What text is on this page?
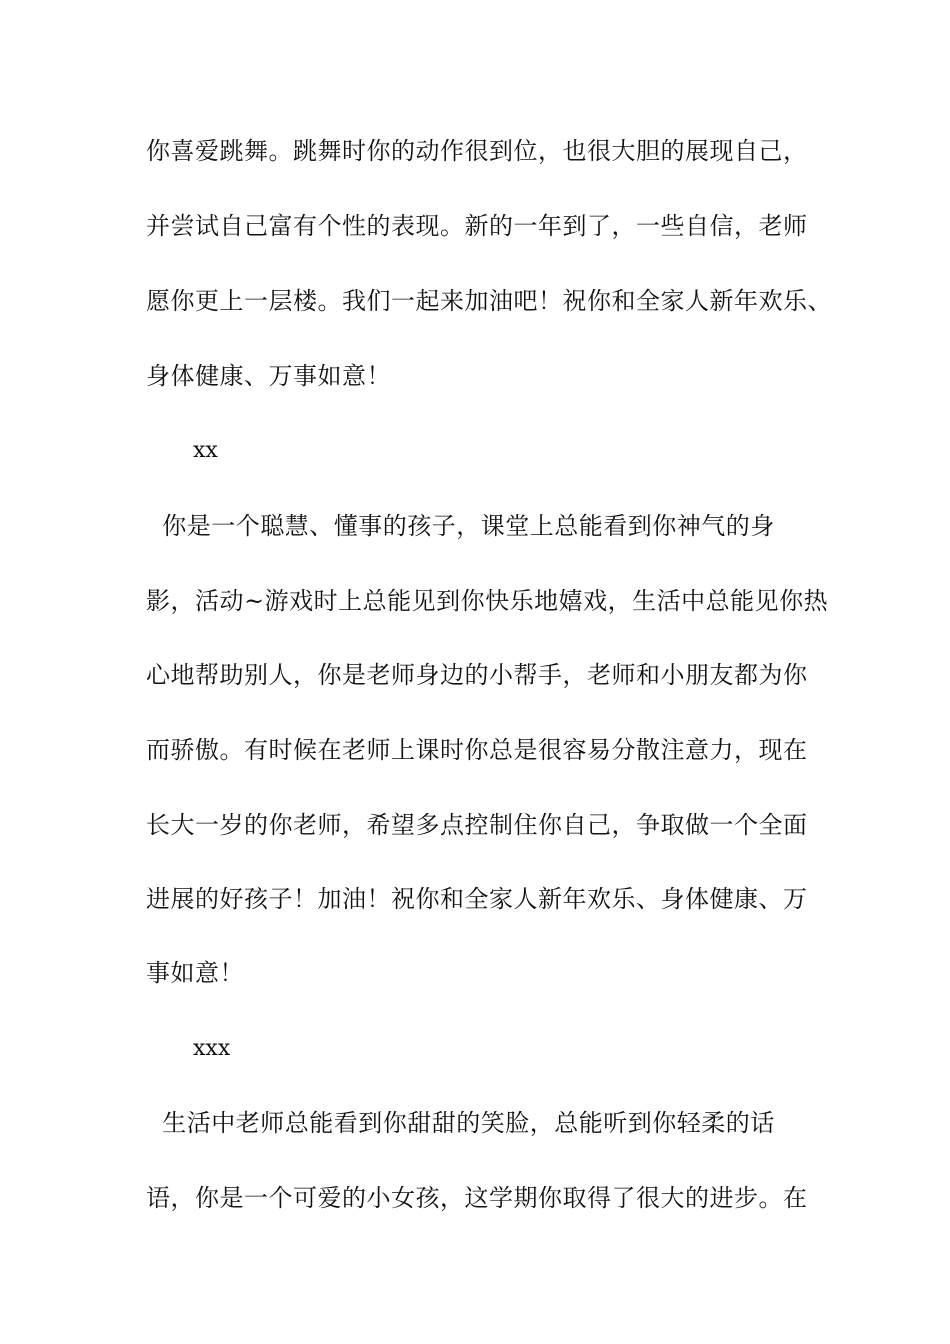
你喜爱跳舞。跳舞时你的动作很到位，也很大胆的展现自己，
并尝试自己富有个性的表现。新的一年到了，一些自信，老师
愿你更上一层楼。我们一起来加油吧！祝你和全家人新年欢乐、
身体健康、万事如意！
xx
你是一个聪慧、懂事的孩子，课堂上总能看到你神气的身
影，活动~游戏时上总能见到你快乐地嬉戏，生活中总能见你热
心地帮助别人，你是老师身边的小帮手，老师和小朋友都为你
而骄傲。有时候在老师上课时你总是很容易分散注意力，现在
长大一岁的你老师，希望多点控制住你自己，争取做一个全面
进展的好孩子！加油！祝你和全家人新年欢乐、身体健康、万
事如意！
xxx
生活中老师总能看到你甜甜的笑脸，总能听到你轻柔的话
语，你是一个可爱的小女孩，这学期你取得了很大的进步。在
